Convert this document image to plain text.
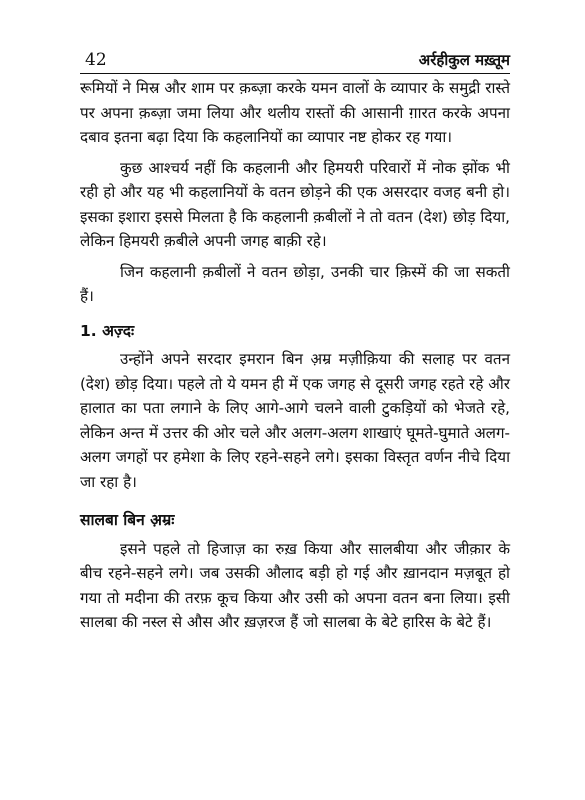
42	अर्रहीकुल मख़्तूम

रूमियों ने मिस्र और शाम पर क़ब्ज़ा करके यमन वालों के व्यापार के समुद्री रास्ते पर अपना क़ब्ज़ा जमा लिया और थलीय रास्तों की आसानी ग़ारत करके अपना दबाव इतना बढ़ा दिया कि कहलानियों का व्यापार नष्ट होकर रह गया।

कुछ आश्चर्य नहीं कि कहलानी और हिमयरी परिवारों में नोक झोंक भी रही हो और यह भी कहलानियों के वतन छोड़ने की एक असरदार वजह बनी हो। इसका इशारा इससे मिलता है कि कहलानी क़बीलों ने तो वतन (देश) छोड़ दिया, लेकिन हिमयरी क़बीले अपनी जगह बाक़ी रहे।

जिन कहलानी क़बीलों ने वतन छोड़ा, उनकी चार क़िस्में की जा सकती हैं।

1. अज़्दः

उन्होंने अपने सरदार इमरान बिन अ़म्र मज़ीक़िया की सलाह पर वतन (देश) छोड़ दिया। पहले तो ये यमन ही में एक जगह से दूसरी जगह रहते रहे और हालात का पता लगाने के लिए आगे-आगे चलने वाली टुकड़ियों को भेजते रहे, लेकिन अन्त में उत्तर की ओर चले और अलग-अलग शाखाएं घूमते-घुमाते अलग-अलग जगहों पर हमेशा के लिए रहने-सहने लगे। इसका विस्तृत वर्णन नीचे दिया जा रहा है।

सालबा बिन अ़म्रः

इसने पहले तो हिजाज़ का रुख़ किया और सालबीया और जीक़ार के बीच रहने-सहने लगे। जब उसकी औलाद बड़ी हो गई और ख़ानदान मज़बूत हो गया तो मदीना की तरफ़ कूच किया और उसी को अपना वतन बना लिया। इसी सालबा की नस्ल से औस और ख़ज़रज हैं जो सालबा के बेटे हारिस के बेटे हैं।
